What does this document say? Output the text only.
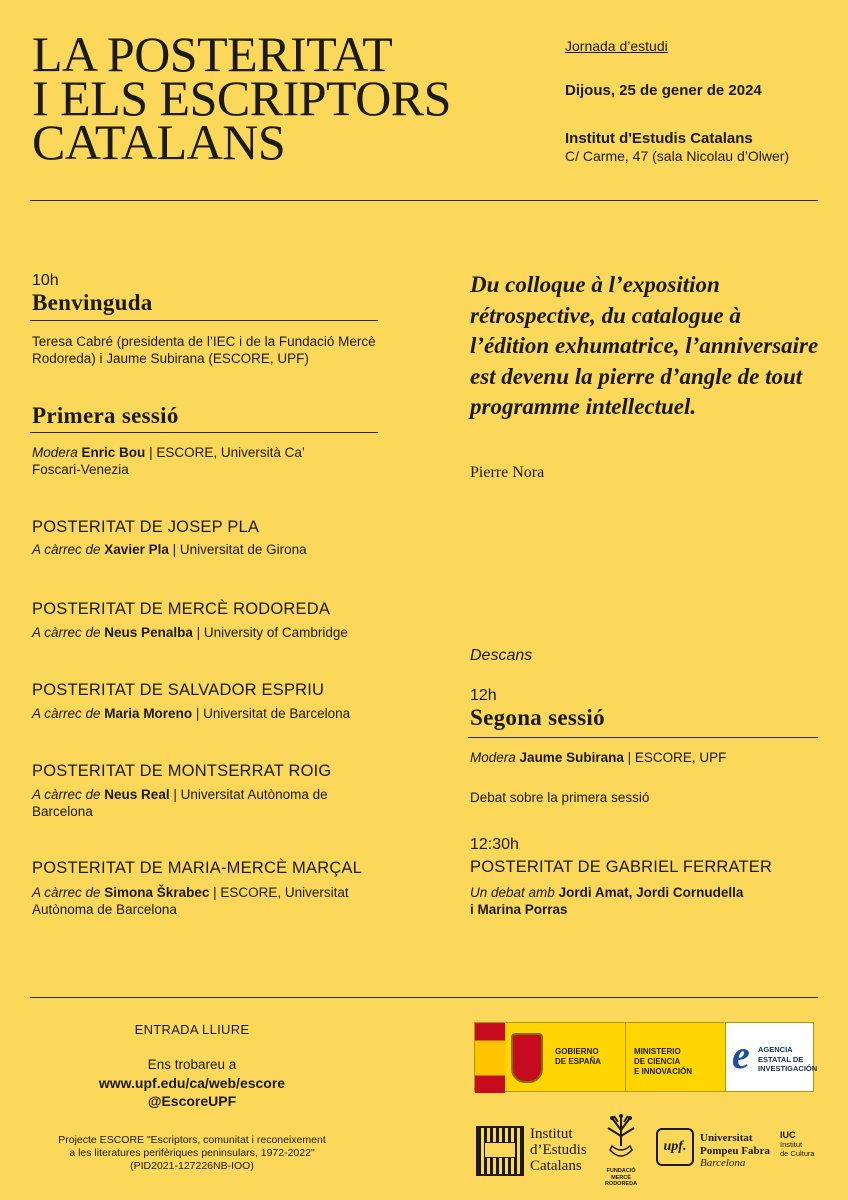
LA POSTERITAT
I ELS ESCRIPTORS
CATALANS
Jornada d’estudi
Dijous, 25 de gener de 2024
Institut d'Estudis Catalans
C/ Carme, 47 (sala Nicolau d’Olwer)
10h
Benvinguda
Teresa Cabré (presidenta de l’IEC i de la Fundació Mercè Rodoreda) i Jaume Subirana (ESCORE, UPF)
Primera sessió
Modera Enric Bou | ESCORE, Università Ca’ Foscari-Venezia
POSTERITAT DE JOSEP PLA
A càrrec de Xavier Pla | Universitat de Girona
POSTERITAT DE MERCÈ RODOREDA
A càrrec de Neus Penalba | University of Cambridge
POSTERITAT DE SALVADOR ESPRIU
A càrrec de Maria Moreno | Universitat de Barcelona
POSTERITAT DE MONTSERRAT ROIG
A càrrec de Neus Real | Universitat Autònoma de Barcelona
POSTERITAT DE MARIA-MERCÈ MARÇAL
A càrrec de Simona Škrabec | ESCORE, Universitat Autònoma de Barcelona
Du colloque à l’exposition rétrospective, du catalogue à l’édition exhumatrice, l’anniversaire est devenu la pierre d’angle de tout programme intellectuel.
Pierre Nora
Descans
12h
Segona sessió
Modera Jaume Subirana | ESCORE, UPF
Debat sobre la primera sessió
12:30h
POSTERITAT DE GABRIEL FERRATER
Un debat amb Jordi Amat, Jordi Cornudella
i Marina Porras
ENTRADA LLIURE
Ens trobareu a
www.upf.edu/ca/web/escore
@EscoreUPF
Projecte ESCORE "Escriptors, comunitat i reconeixement
a les literatures perifèriques peninsulars, 1972-2022"
(PID2021-127226NB-IOO)
GOBIERNO
DE ESPAÑA
MINISTERIO
DE CIENCIA
E INNOVACIÓN e AGENCIA
ESTATAL DE
INVESTIGACIÓN
Institut
d’Estudis
Catalans	FUNDACIÓ MERCÈ RODOREDA
upf.
Universitat
Pompeu Fabra
Barcelona
IUC
Institut
de Cultura
